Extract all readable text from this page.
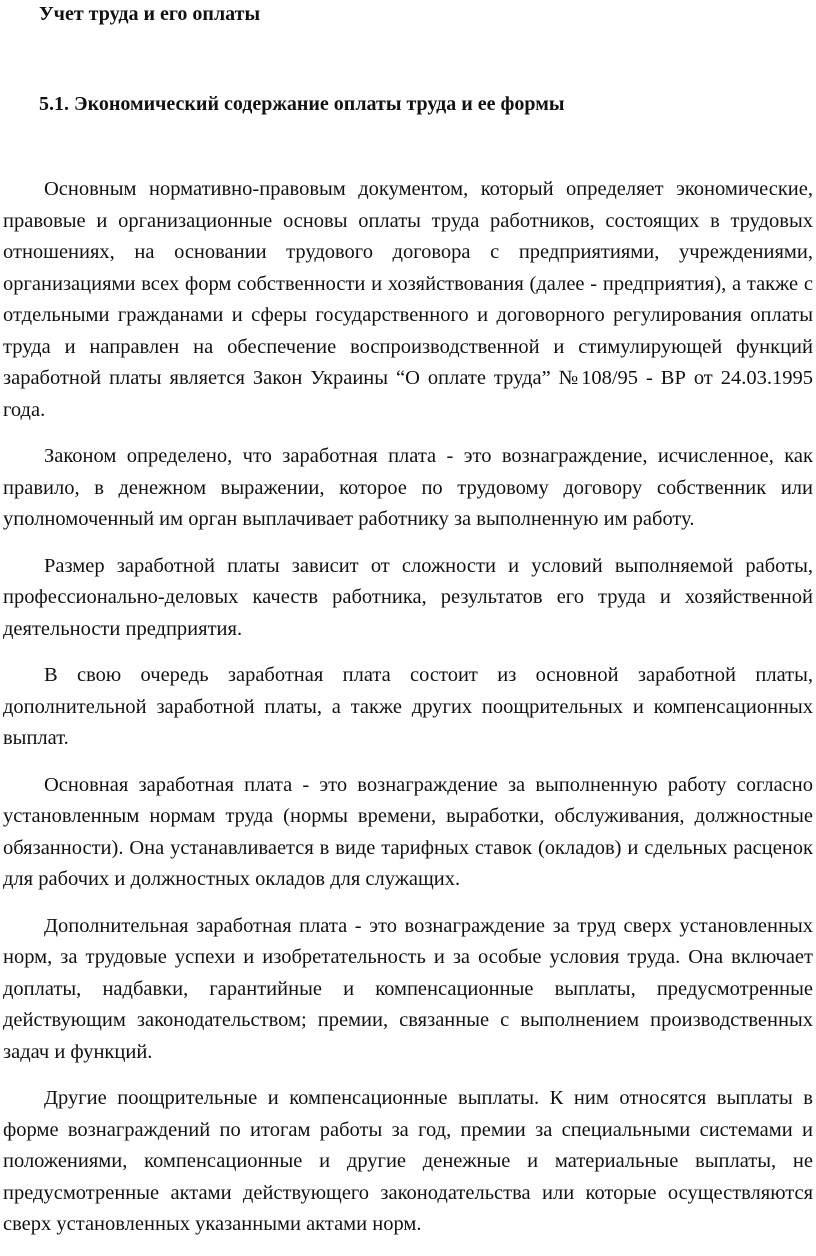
Учет труда и его оплаты
5.1. Экономический содержание оплаты труда и ее формы

Основным нормативно-правовым документом, который определяет экономические, правовые и организационные основы оплаты труда работников, состоящих в трудовых отношениях, на основании трудового договора с предприятиями, учреждениями, организациями всех форм собственности и хозяйствования (далее - предприятия), а также с отдельными гражданами и сферы государственного и договорного регулирования оплаты труда и направлен на обеспечение воспроизводственной и стимулирующей функций заработной платы является Закон Украины “О оплате труда” №108/95 - ВР от 24.03.1995 года.

Законом определено, что заработная плата - это вознаграждение, исчисленное, как правило, в денежном выражении, которое по трудовому договору собственник или уполномоченный им орган выплачивает работнику за выполненную им работу.

Размер заработной платы зависит от сложности и условий выполняемой работы, профессионально-деловых качеств работника, результатов его труда и хозяйственной деятельности предприятия.

В свою очередь заработная плата состоит из основной заработной платы, дополнительной заработной платы, а также других поощрительных и компенсационных выплат.

Основная заработная плата - это вознаграждение за выполненную работу согласно установленным нормам труда (нормы времени, выработки, обслуживания, должностные обязанности). Она устанавливается в виде тарифных ставок (окладов) и сдельных расценок для рабочих и должностных окладов для служащих.

Дополнительная заработная плата - это вознаграждение за труд сверх установленных норм, за трудовые успехи и изобретательность и за особые условия труда. Она включает доплаты, надбавки, гарантийные и компенсационные выплаты, предусмотренные действующим законодательством; премии, связанные с выполнением производственных задач и функций.

Другие поощрительные и компенсационные выплаты. К ним относятся выплаты в форме вознаграждений по итогам работы за год, премии за специальными системами и положениями, компенсационные и другие денежные и материальные выплаты, не предусмотренные актами действующего законодательства или которые осуществляются сверх установленных указанными актами норм.
